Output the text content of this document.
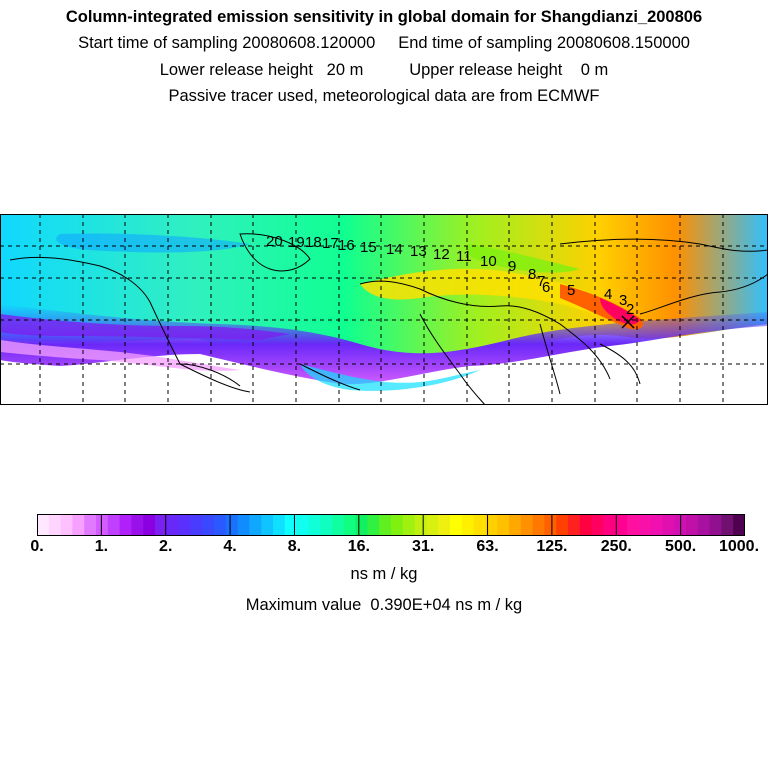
Column-integrated emission sensitivity in global domain for Shangdianzi_200806
Start time of sampling 20080608.120000     End time of sampling 20080608.150000
Lower release height   20 m          Upper release height    0 m
Passive tracer used, meteorological data are from ECMWF
20 19 18 17 16 15 14 13 12 11 10 9 8 7
6 5 4 3
2
0.	1.	2.	4.	8.	16.	31.	63. 125. 250. 500. 1000.
ns m / kg
Maximum value  0.390E+04 ns m / kg
